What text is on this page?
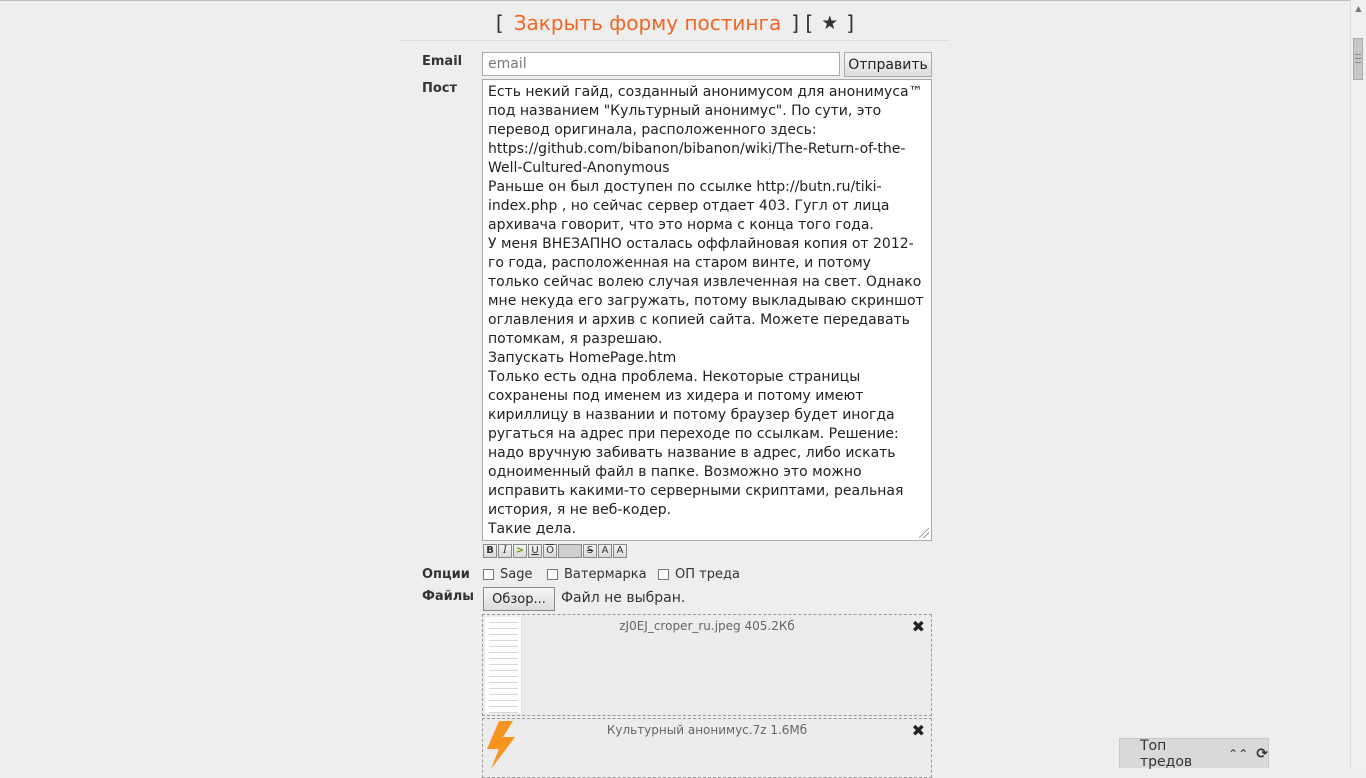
[ Закрыть форму постинга ] [ ★ ]
Email
email	Отправить
Пост Есть некий гайд, созданный анонимусом для анонимуса™ под названием "Культурный анонимус". По сути, это перевод оригинала, расположенного здесь: https://github.com/bibanon/bibanon/wiki/The-Return-of-the-Well-Cultured-Anonymous

Раньше он был доступен по ссылке http://butn.ru/tiki-index.php , но сейчас сервер отдает 403. Гугл от лица архивача говорит, что это норма с конца того года.

У меня ВНЕЗАПНО осталась оффлайновая копия от 2012-го года, расположенная на старом винте, и потому только сейчас волею случая извлеченная на свет. Однако мне некуда его загружать, потому выкладываю скриншот оглавления и архив с копией сайта. Можете передавать потомкам, я разрешаю.

Запускать HomePage.htm

Только есть одна проблема. Некоторые страницы сохранены под именем из хидера и потому имеют кириллицу в названии и потому браузер будет иногда ругаться на адрес при переходе по ссылкам. Решение: надо вручную забивать название в адрес, либо искать одноименный файл в папке. Возможно это можно исправить какими-то серверными скриптами, реальная история, я не веб-кодер.

Такие дела.

B I > U $\overline{O}$	S A A
Опции Sage Ватермарка ОП треда
Файлы	Обзор...	Файл не выбран.
zJ0EJ_croper_ru.jpeg 405.2Кб	✖
Культурный анонимус.7z 1.6Мб	✖
Топ тредов	⌃⌃ ⟳
▲
